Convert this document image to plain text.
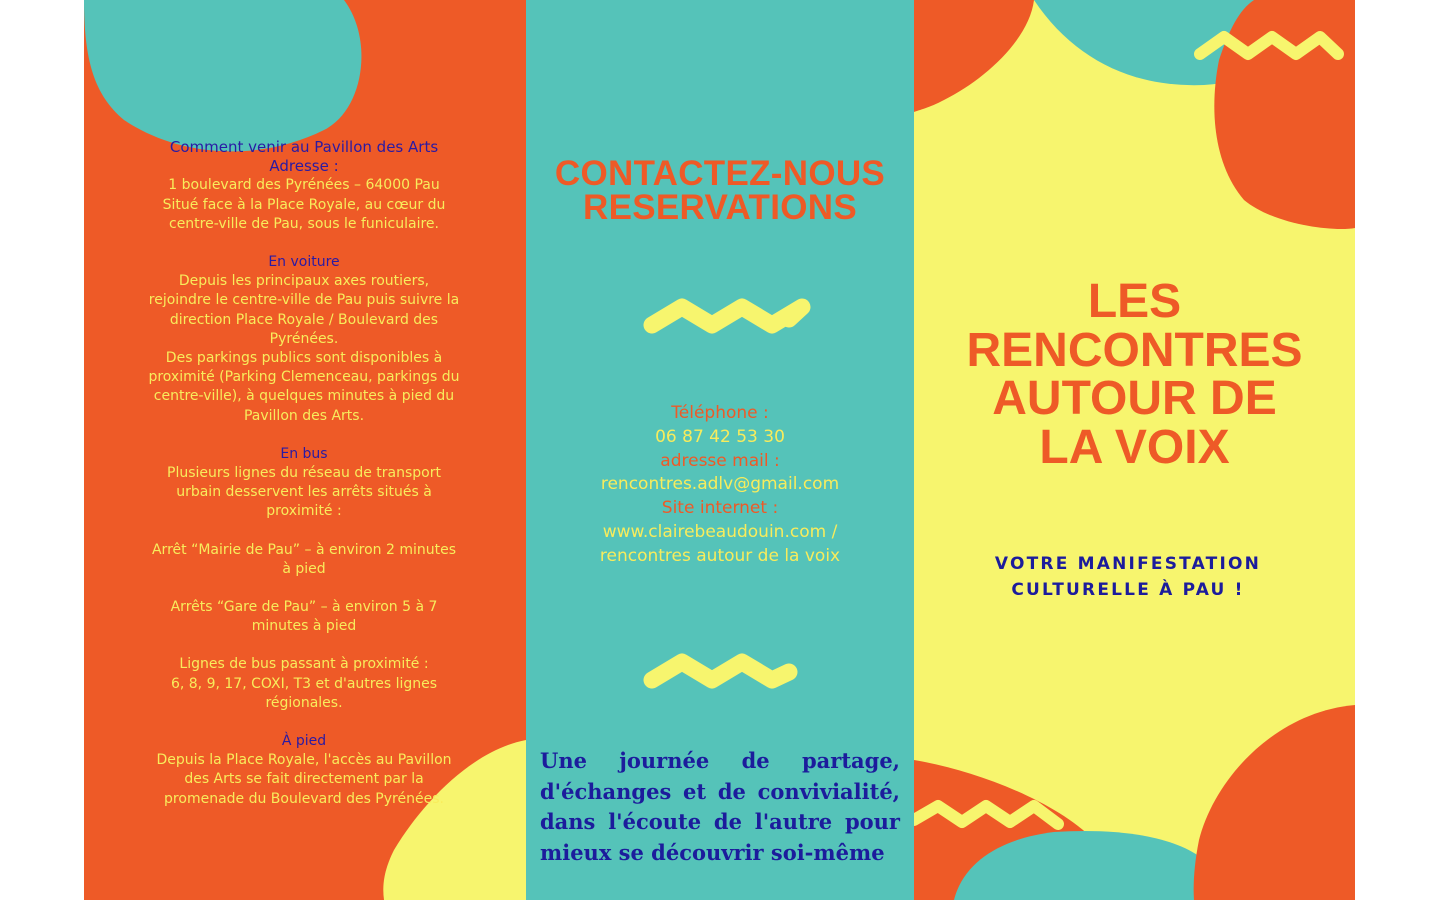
Comment venir au Pavillon des Arts
Adresse :
1 boulevard des Pyrénées – 64000 Pau
Situé face à la Place Royale, au cœur du
centre-ville de Pau, sous le funiculaire.
En voiture
Depuis les principaux axes routiers,
rejoindre le centre-ville de Pau puis suivre la
direction Place Royale / Boulevard des
Pyrénées.
Des parkings publics sont disponibles à
proximité (Parking Clemenceau, parkings du
centre-ville), à quelques minutes à pied du
Pavillon des Arts.
En bus
Plusieurs lignes du réseau de transport
urbain desservent les arrêts situés à
proximité :
Arrêt “Mairie de Pau” – à environ 2 minutes
à pied
Arrêts “Gare de Pau” – à environ 5 à 7
minutes à pied
Lignes de bus passant à proximité :
6, 8, 9, 17, COXI, T3 et d'autres lignes
régionales.
À pied
Depuis la Place Royale, l'accès au Pavillon
des Arts se fait directement par la
promenade du Boulevard des Pyrénées.
CONTACTEZ-NOUS
RESERVATIONS
Téléphone :
06 87 42 53 30
adresse mail :
rencontres.adlv@gmail.com
Site internet :
www.clairebeaudouin.com /
rencontres autour de la voix
Une journée de partage, d'échanges et de convivialité, dans l'écoute de l'autre pour mieux se découvrir soi-même
LES
RENCONTRES
AUTOUR DE
LA VOIX
VOTRE MANIFESTATION
CULTURELLE À PAU !
